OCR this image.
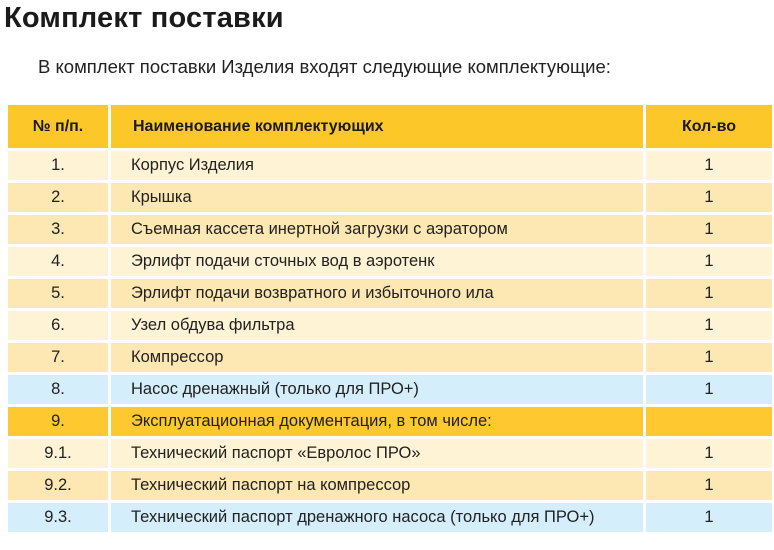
Комплект поставки
В комплект поставки Изделия входят следующие комплектующие:
№ п/п.	Наименование комплектующих	Кол-во
1.	Корпус Изделия	1
2.	Крышка	1
3.	Съемная кассета инертной загрузки с аэратором	1
4.	Эрлифт подачи сточных вод в аэротенк	1
5.	Эрлифт подачи возвратного и избыточного ила	1
6.	Узел обдува фильтра	1
7.	Компрессор	1
8.	Насос дренажный (только для ПРО+)	1
9.	Эксплуатационная документация, в том числе:
9.1.	Технический паспорт «Евролос ПРО»	1
9.2.	Технический паспорт на компрессор	1
9.3.	Технический паспорт дренажного насоса (только для ПРО+)	1
